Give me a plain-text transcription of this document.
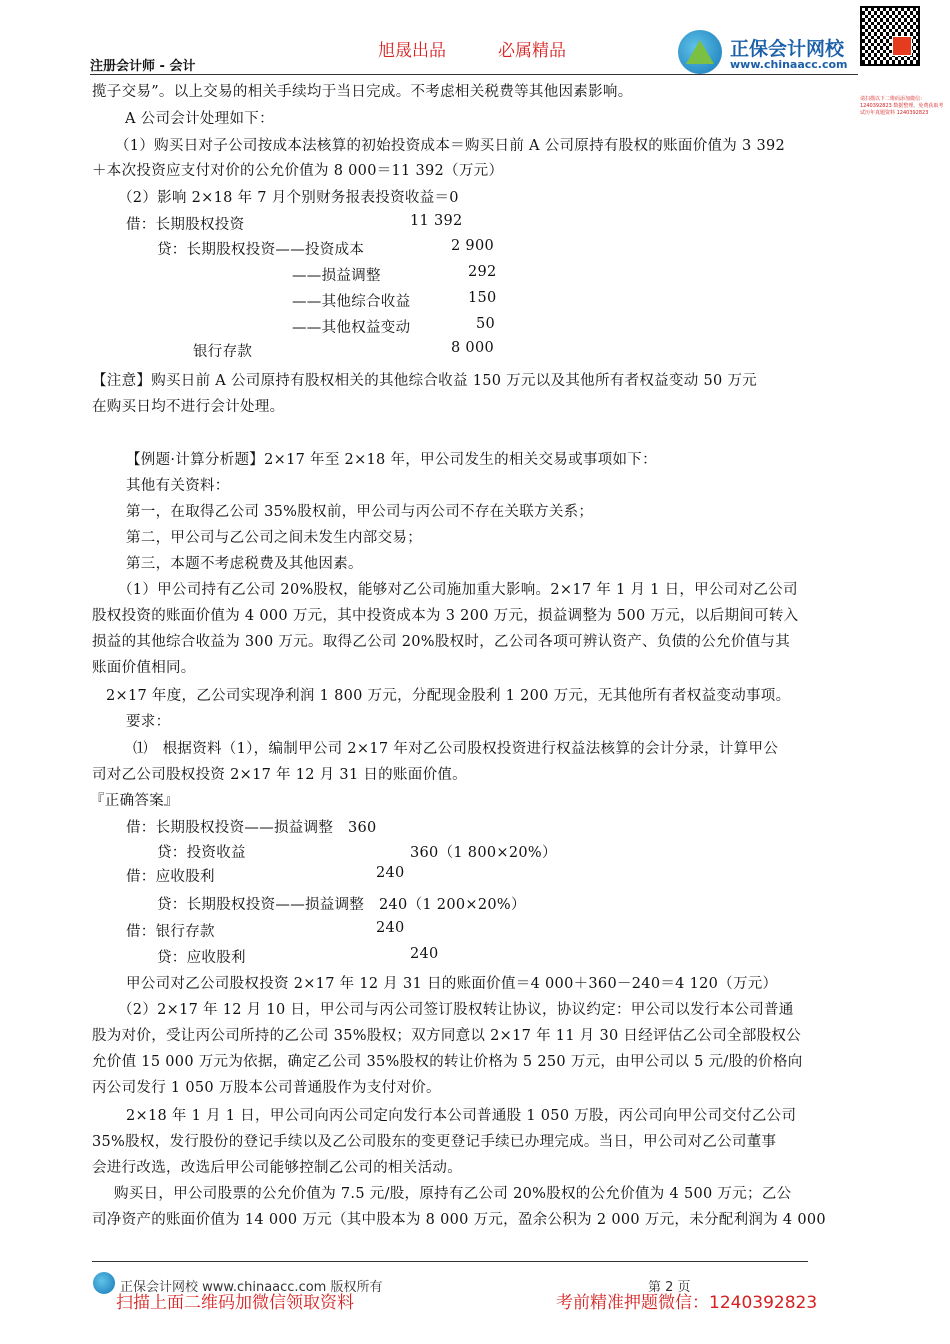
旭晟出品	必属精品
注册会计师 - 会计
正保会计网校
www.chinaacc.com
请扫描以下二维码添加微信：1240392823 数据整理、免费获取考试历年真题资料 1240392823
揽子交易”。以上交易的相关手续均于当日完成。不考虑相关税费等其他因素影响。
A 公司会计处理如下：
（1）购买日对子公司按成本法核算的初始投资成本＝购买日前 A 公司原持有股权的账面价值为 3 392
＋本次投资应支付对价的公允价值为 8 000＝11 392（万元）
（2）影响 2×18 年 7 月个别财务报表投资收益＝0
借：长期股权投资	11 392
贷：长期股权投资——投资成本	2 900
——损益调整	292
——其他综合收益	150
——其他权益变动	50
银行存款	8 000
【注意】购买日前 A 公司原持有股权相关的其他综合收益 150 万元以及其他所有者权益变动 50 万元
在购买日均不进行会计处理。
【例题·计算分析题】2×17 年至 2×18 年，甲公司发生的相关交易或事项如下：
其他有关资料：
第一，在取得乙公司 35%股权前，甲公司与丙公司不存在关联方关系；
第二，甲公司与乙公司之间未发生内部交易；
第三，本题不考虑税费及其他因素。
（1）甲公司持有乙公司 20%股权，能够对乙公司施加重大影响。2×17 年 1 月 1 日，甲公司对乙公司
股权投资的账面价值为 4 000 万元，其中投资成本为 3 200 万元，损益调整为 500 万元，以后期间可转入
损益的其他综合收益为 300 万元。取得乙公司 20%股权时，乙公司各项可辨认资产、负债的公允价值与其
账面价值相同。
2×17 年度，乙公司实现净利润 1 800 万元，分配现金股利 1 200 万元，无其他所有者权益变动事项。
要求：
⑴　根据资料（1），编制甲公司 2×17 年对乙公司股权投资进行权益法核算的会计分录，计算甲公
司对乙公司股权投资 2×17 年 12 月 31 日的账面价值。
『正确答案』
借：长期股权投资——损益调整　360
贷：投资收益	360（1 800×20%）
借：应收股利	240
贷：长期股权投资——损益调整　240（1 200×20%）
借：银行存款	240
贷：应收股利	240
甲公司对乙公司股权投资 2×17 年 12 月 31 日的账面价值＝4 000＋360－240＝4 120（万元）
（2）2×17 年 12 月 10 日，甲公司与丙公司签订股权转让协议，协议约定：甲公司以发行本公司普通
股为对价，受让丙公司所持的乙公司 35%股权；双方同意以 2×17 年 11 月 30 日经评估乙公司全部股权公
允价值 15 000 万元为依据，确定乙公司 35%股权的转让价格为 5 250 万元，由甲公司以 5 元/股的价格向
丙公司发行 1 050 万股本公司普通股作为支付对价。
2×18 年 1 月 1 日，甲公司向丙公司定向发行本公司普通股 1 050 万股，丙公司向甲公司交付乙公司
35%股权，发行股份的登记手续以及乙公司股东的变更登记手续已办理完成。当日，甲公司对乙公司董事
会进行改选，改选后甲公司能够控制乙公司的相关活动。
购买日，甲公司股票的公允价值为 7.5 元/股，原持有乙公司 20%股权的公允价值为 4 500 万元；乙公
司净资产的账面价值为 14 000 万元（其中股本为 8 000 万元，盈余公积为 2 000 万元，未分配利润为 4 000
正保会计网校 www.chinaacc.com 版权所有	第 2 页
扫描上面二维码加微信领取资料	考前精准押题微信：1240392823
